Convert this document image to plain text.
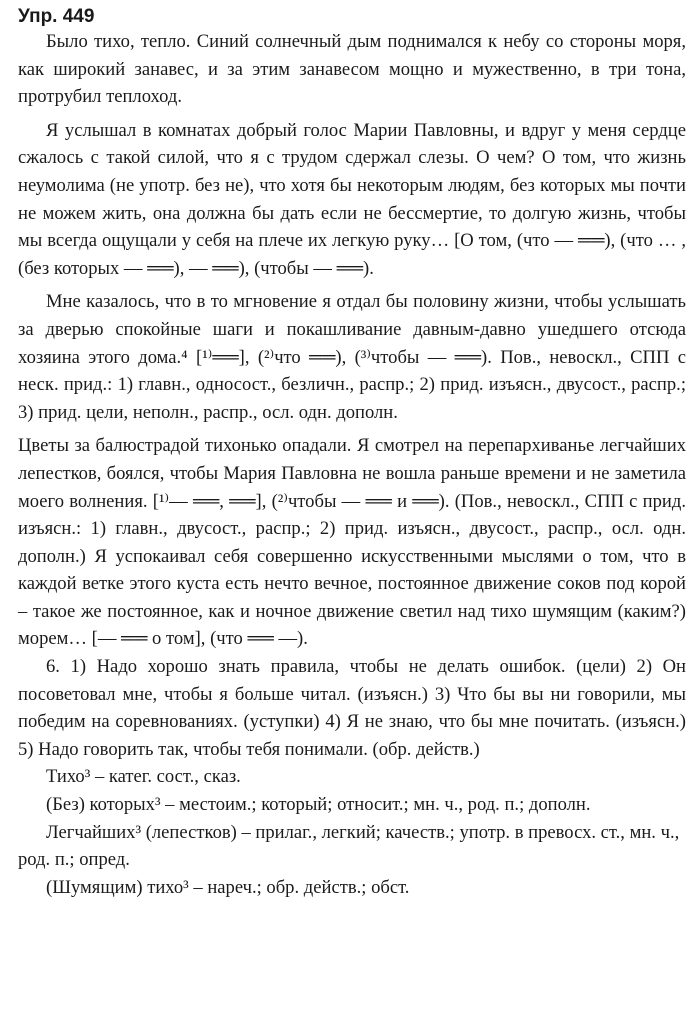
Упр. 449

Было тихо, тепло. Синий солнечный дым поднимался к небу со стороны моря, как широкий занавес, и за этим занавесом мощно и мужественно, в три тона, протрубил теплоход.

Я услышал в комнатах добрый голос Марии Павловны, и вдруг у меня сердце сжалось с такой силой, что я с трудом сдержал слезы. О чем? О том, что жизнь неумолима (не употр. без не), что хотя бы некоторым людям, без которых мы почти не можем жить, она должна бы дать если не бессмертие, то долгую жизнь, чтобы мы всегда ощущали у себя на плече их легкую руку… [О том, (что — ══), (что … , (без которых — ══), — ══), (чтобы — ══).

Мне казалось, что в то мгновение я отдал бы половину жизни, чтобы услышать за дверью спокойные шаги и покашливание давным-давно ушедшего отсюда хозяина этого дома.⁴ [¹⁾══], (²⁾что ══), (³⁾чтобы — ══). Пов., невоскл., СПП с неск. прид.: 1) главн., односост., безличн., распр.; 2) прид. изъясн., двусост., распр.; 3) прид. цели, неполн., распр., осл. одн. дополн.

Цветы за балюстрадой тихонько опадали. Я смотрел на перепархиванье легчайших лепестков, боялся, чтобы Мария Павловна не вошла раньше времени и не заметила моего волнения. [¹⁾— ══, ══], (²⁾чтобы — ══ и ══). (Пов., невоскл., СПП с прид. изъясн.: 1) главн., двусост., распр.; 2) прид. изъясн., двусост., распр., осл. одн. дополн.) Я успокаивал себя совершенно искусственными мыслями о том, что в каждой ветке этого куста есть нечто вечное, постоянное движение соков под корой – такое же постоянное, как и ночное движение светил над тихо шумящим (каким?) морем… [— ══ о том], (что ══ —).

6. 1) Надо хорошо знать правила, чтобы не делать ошибок. (цели) 2) Он посоветовал мне, чтобы я больше читал. (изъясн.) 3) Что бы вы ни говорили, мы победим на соревнованиях. (уступки) 4) Я не знаю, что бы мне почитать. (изъясн.) 5) Надо говорить так, чтобы тебя понимали. (обр. действ.)

Тихо³ – катег. сост., сказ.

(Без) которых³ – местоим.; который; относит.; мн. ч., род. п.; дополн.

Легчайших³ (лепестков) – прилаг., легкий; качеств.; употр. в превосх. ст., мн. ч., род. п.; опред.

(Шумящим) тихо³ – нареч.; обр. действ.; обст.
